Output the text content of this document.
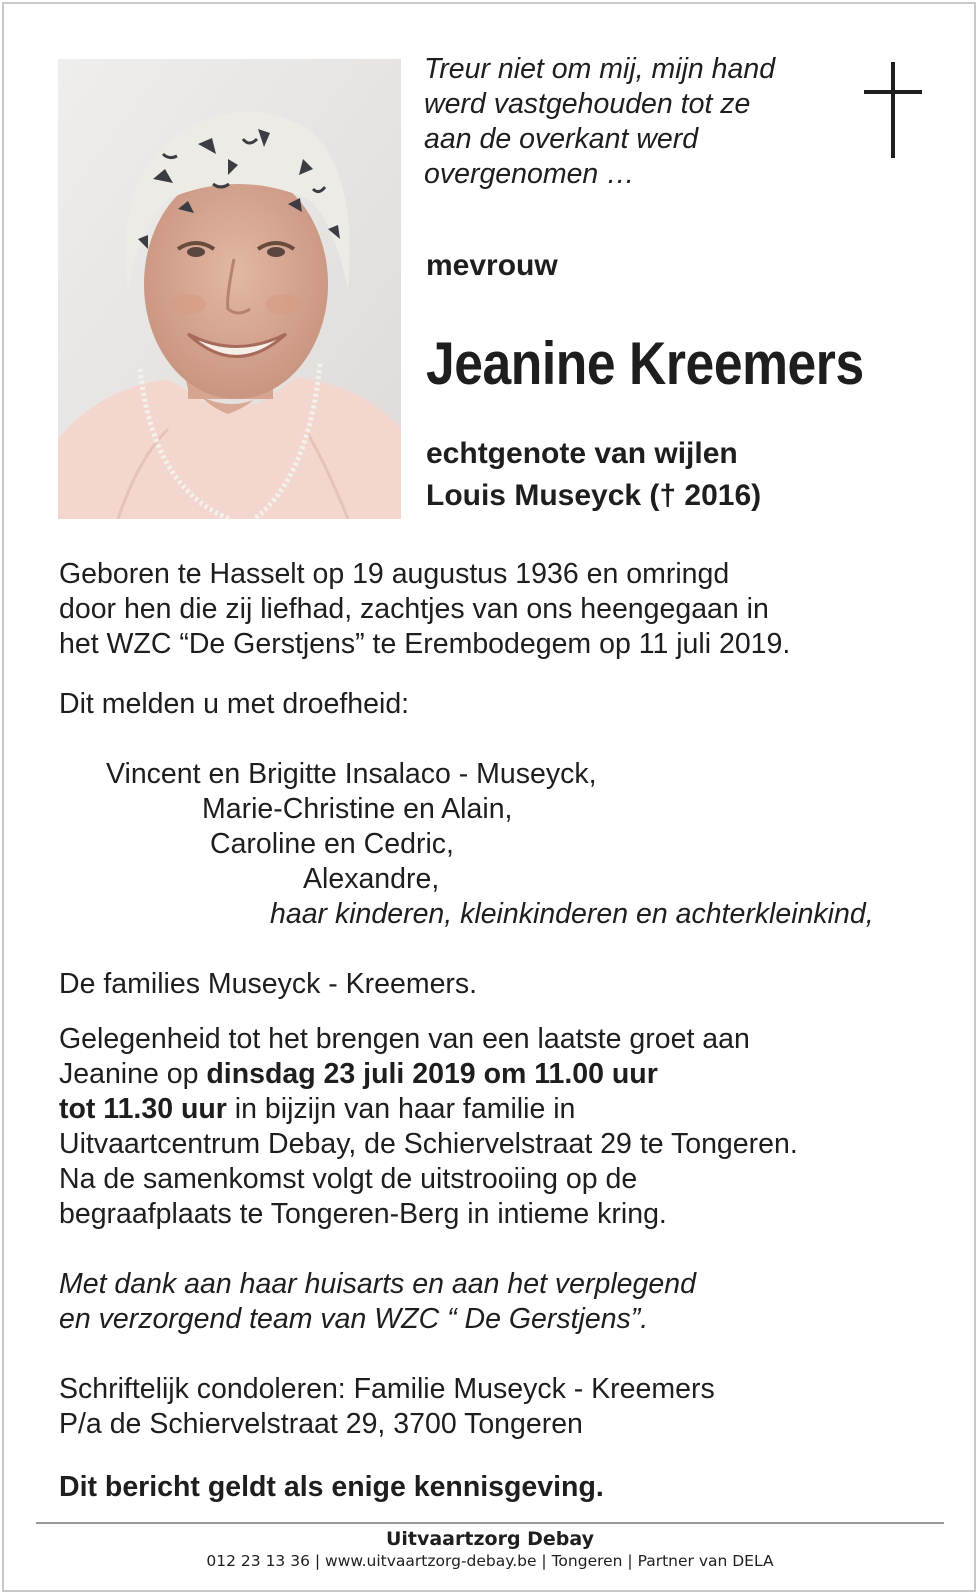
Treur niet om mij, mijn hand
werd vastgehouden tot ze
aan de overkant werd
overgenomen …
mevrouw
Jeanine Kreemers
echtgenote van wijlen
Louis Museyck († 2016)
Geboren te Hasselt op 19 augustus 1936 en omringd
door hen die zij liefhad, zachtjes van ons heengegaan in
het WZC “De Gerstjens” te Erembodegem op 11 juli 2019.
Dit melden u met droefheid:
Vincent en Brigitte Insalaco - Museyck,
Marie-Christine en Alain,
Caroline en Cedric,
Alexandre,
haar kinderen, kleinkinderen en achterkleinkind,
De families Museyck - Kreemers.
Gelegenheid tot het brengen van een laatste groet aan
Jeanine op dinsdag 23 juli 2019 om 11.00 uur
tot 11.30 uur in bijzijn van haar familie in
Uitvaartcentrum Debay, de Schiervelstraat 29 te Tongeren.
Na de samenkomst volgt de uitstrooiing op de
begraafplaats te Tongeren-Berg in intieme kring.
Met dank aan haar huisarts en aan het verplegend
en verzorgend team van WZC “ De Gerstjens”.
Schriftelijk condoleren: Familie Museyck - Kreemers
P/a de Schiervelstraat 29, 3700 Tongeren
Dit bericht geldt als enige kennisgeving.
Uitvaartzorg Debay
012 23 13 36 | www.uitvaartzorg-debay.be | Tongeren | Partner van DELA
